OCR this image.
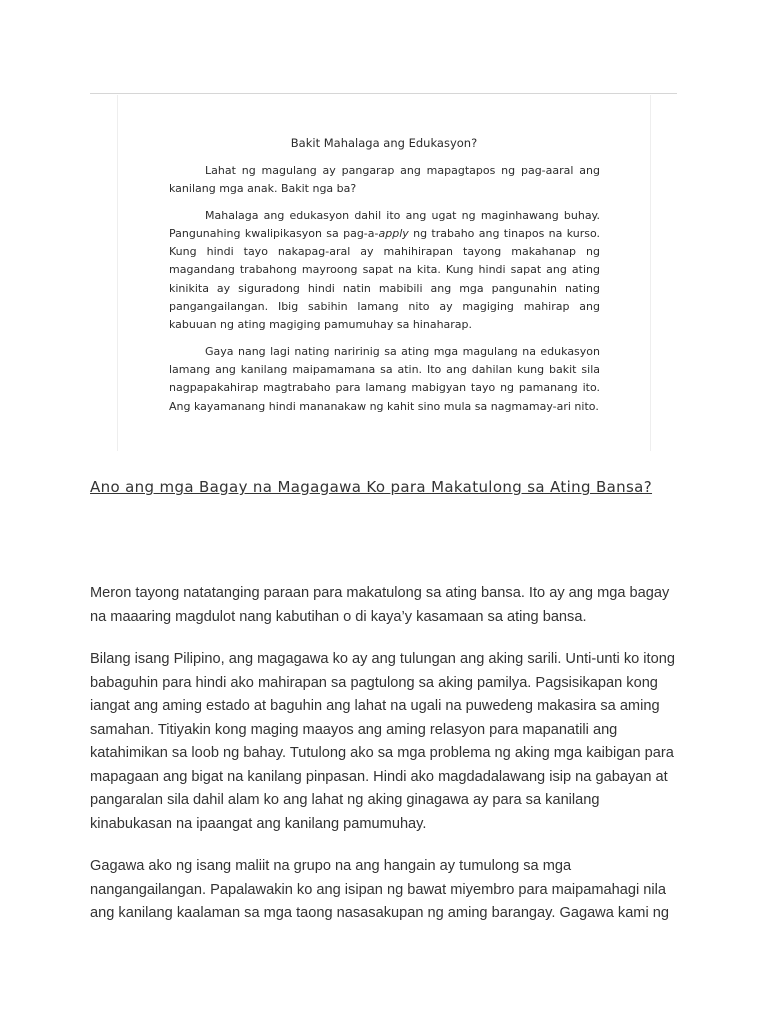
Bakit Mahalaga ang Edukasyon?

Lahat ng magulang ay pangarap ang mapagtapos ng pag-aaral ang kanilang mga anak. Bakit nga ba?

Mahalaga ang edukasyon dahil ito ang ugat ng maginhawang buhay. Pangunahing kwalipikasyon sa pag-a-apply ng trabaho ang tinapos na kurso. Kung hindi tayo nakapag-aral ay mahihirapan tayong makahanap ng magandang trabahong mayroong sapat na kita. Kung hindi sapat ang ating kinikita ay siguradong hindi natin mabibili ang mga pangunahin nating pangangailangan. Ibig sabihin lamang nito ay magiging mahirap ang kabuuan ng ating magiging pamumuhay sa hinaharap.

Gaya nang lagi nating naririnig sa ating mga magulang na edukasyon lamang ang kanilang maipamamana sa atin. Ito ang dahilan kung bakit sila nagpapakahirap magtrabaho para lamang mabigyan tayo ng pamanang ito. Ang kayamanang hindi mananakaw ng kahit sino mula sa nagmamay-ari nito.

Ano ang mga Bagay na Magagawa Ko para Makatulong sa Ating Bansa?

Meron tayong natatanging paraan para makatulong sa ating bansa. Ito ay ang mga bagay na maaaring magdulot nang kabutihan o di kaya’y kasamaan sa ating bansa.

Bilang isang Pilipino, ang magagawa ko ay ang tulungan ang aking sarili. Unti-unti ko itong babaguhin para hindi ako mahirapan sa pagtulong sa aking pamilya. Pagsisikapan kong iangat ang aming estado at baguhin ang lahat na ugali na puwedeng makasira sa aming samahan. Titiyakin kong maging maayos ang aming relasyon para mapanatili ang katahimikan sa loob ng bahay. Tutulong ako sa mga problema ng aking mga kaibigan para mapagaan ang bigat na kanilang pinpasan. Hindi ako magdadalawang isip na gabayan at pangaralan sila dahil alam ko ang lahat ng aking ginagawa ay para sa kanilang kinabukasan na ipaangat ang kanilang pamumuhay.

Gagawa ako ng isang maliit na grupo na ang hangain ay tumulong sa mga nangangailangan. Papalawakin ko ang isipan ng bawat miyembro para maipamahagi nila ang kanilang kaalaman sa mga taong nasasakupan ng aming barangay. Gagawa kami ng
